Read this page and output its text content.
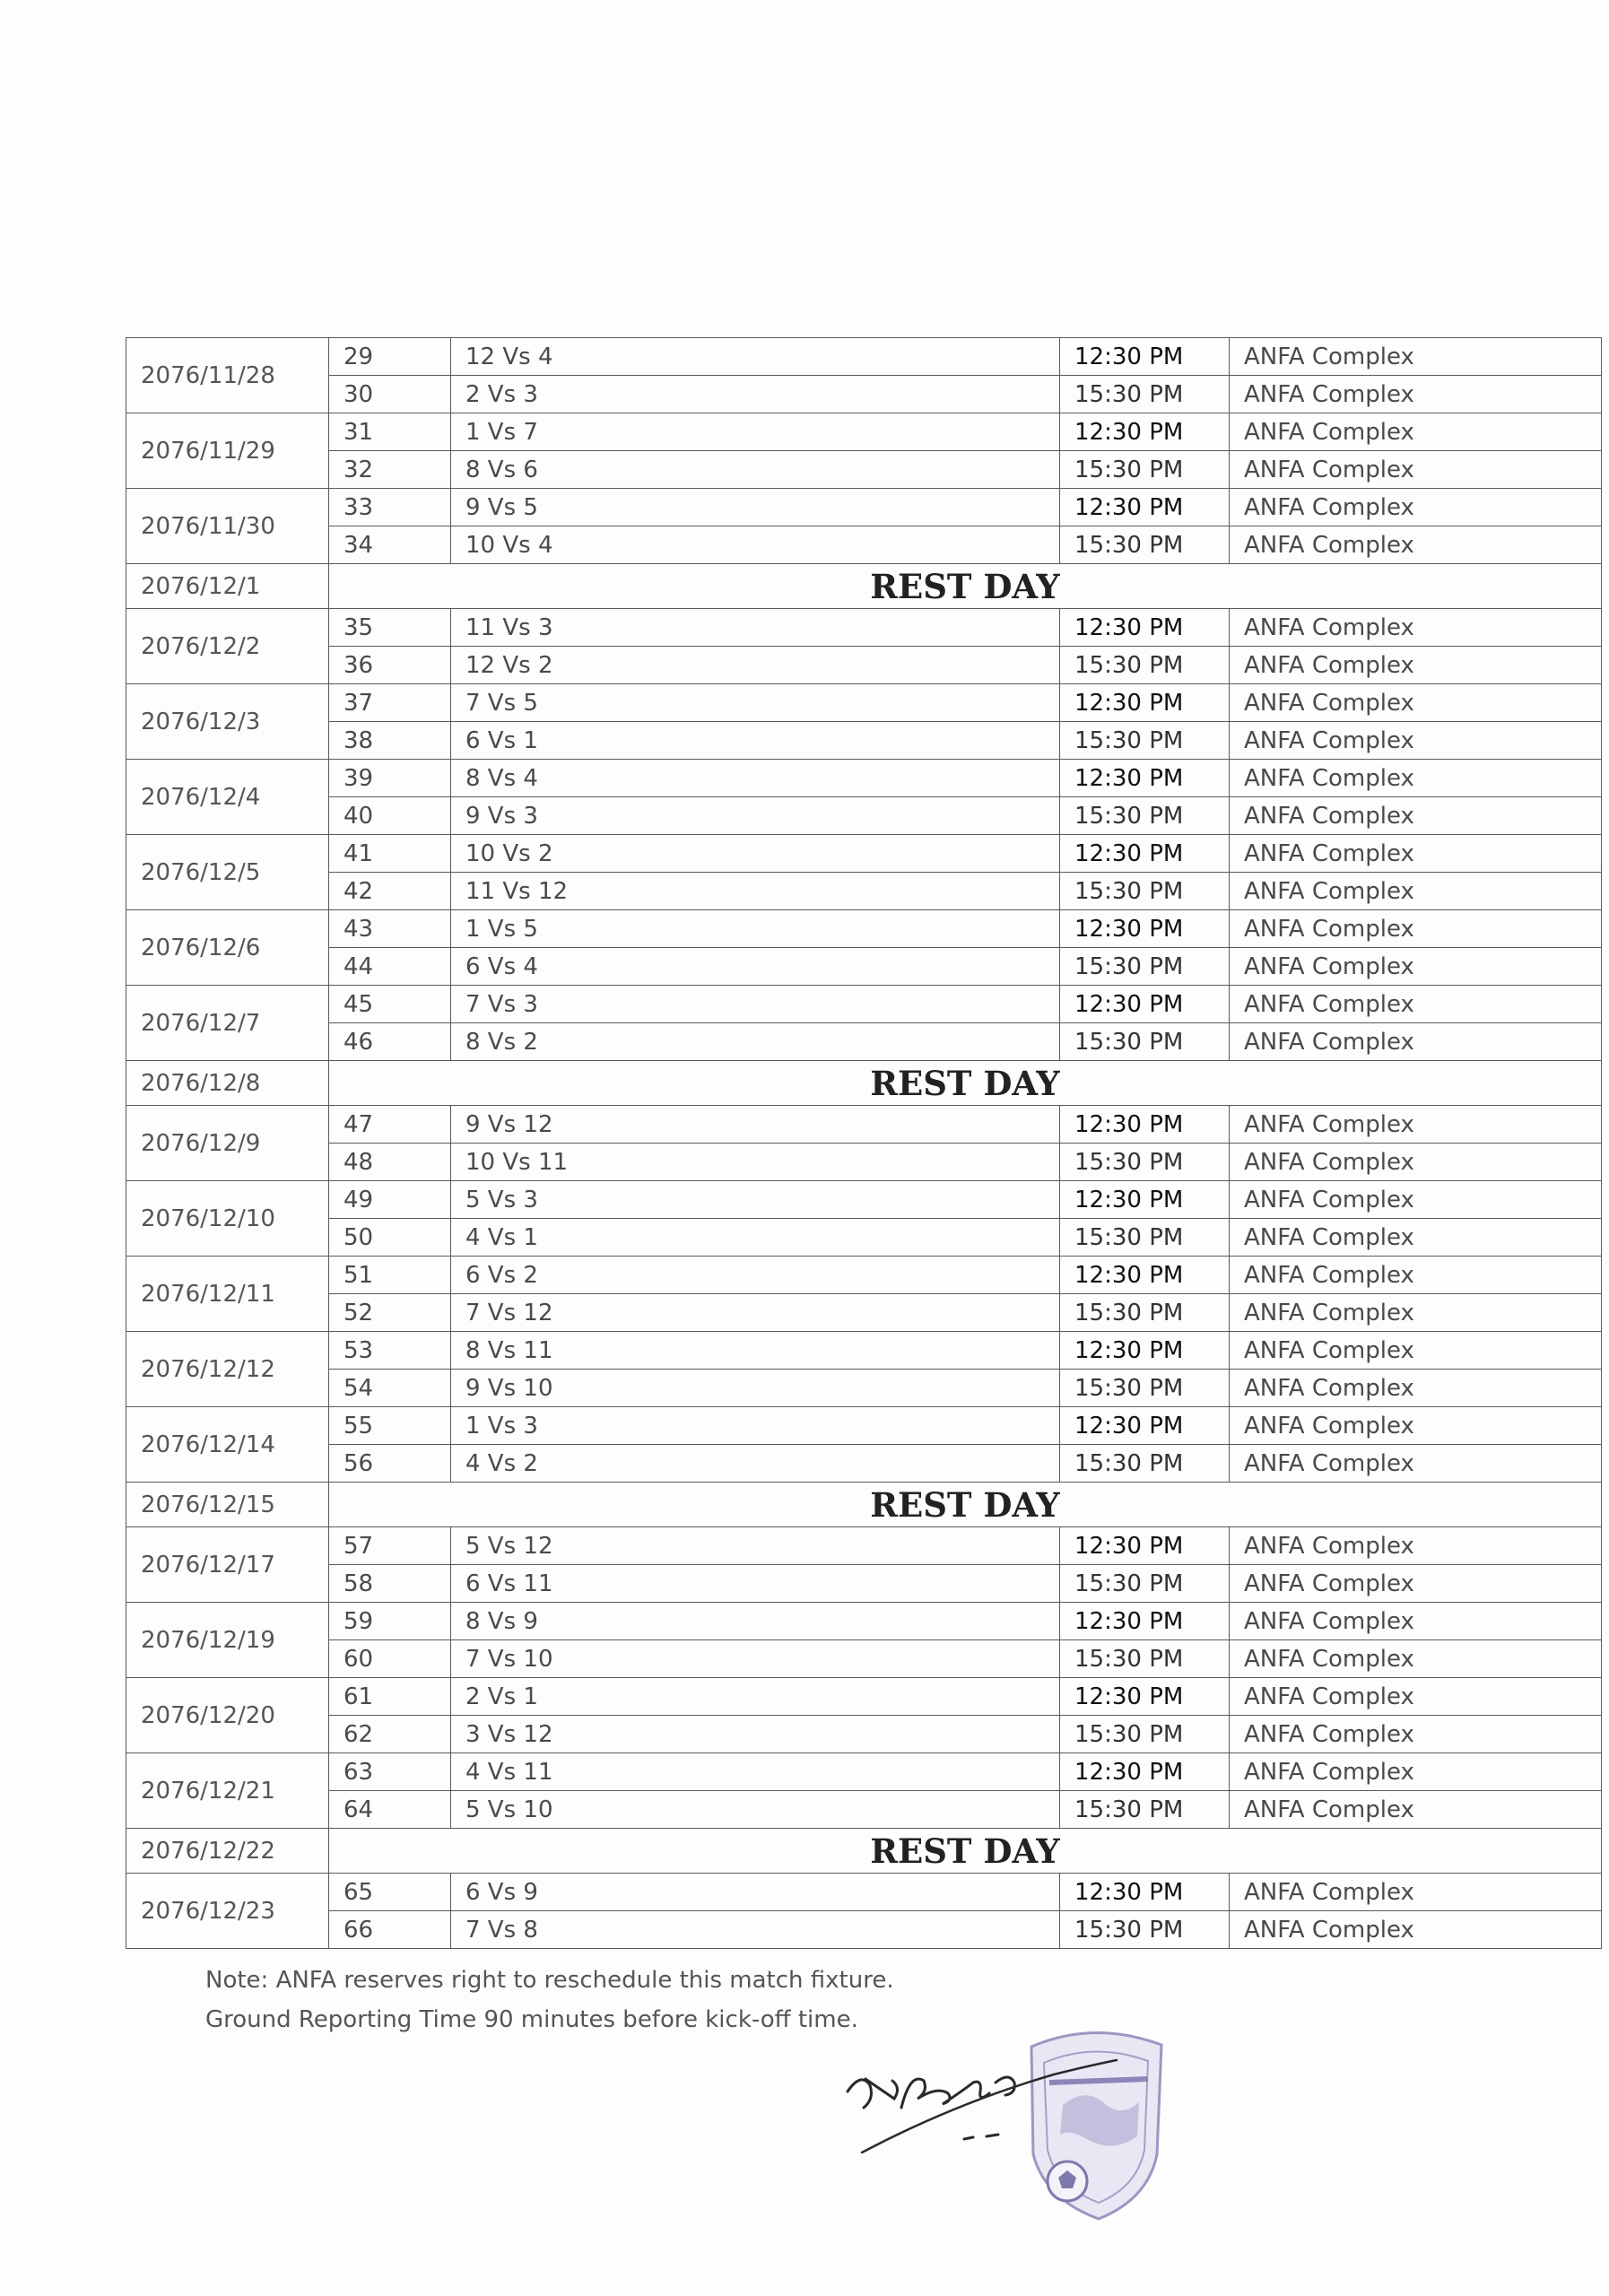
2076/11/28	29	12 Vs 4	12:30 PM	ANFA Complex
	30	2 Vs 3	15:30 PM	ANFA Complex
2076/11/29	31	1 Vs 7	12:30 PM	ANFA Complex
	32	8 Vs 6	15:30 PM	ANFA Complex
2076/11/30	33	9 Vs 5	12:30 PM	ANFA Complex
	34	10 Vs 4	15:30 PM	ANFA Complex
2076/12/1	REST DAY			
2076/12/2	35	11 Vs 3	12:30 PM	ANFA Complex
	36	12 Vs 2	15:30 PM	ANFA Complex
2076/12/3	37	7 Vs 5	12:30 PM	ANFA Complex
	38	6 Vs 1	15:30 PM	ANFA Complex
2076/12/4	39	8 Vs 4	12:30 PM	ANFA Complex
	40	9 Vs 3	15:30 PM	ANFA Complex
2076/12/5	41	10 Vs 2	12:30 PM	ANFA Complex
	42	11 Vs 12	15:30 PM	ANFA Complex
2076/12/6	43	1 Vs 5	12:30 PM	ANFA Complex
	44	6 Vs 4	15:30 PM	ANFA Complex
2076/12/7	45	7 Vs 3	12:30 PM	ANFA Complex
	46	8 Vs 2	15:30 PM	ANFA Complex
2076/12/8	REST DAY			
2076/12/9	47	9 Vs 12	12:30 PM	ANFA Complex
	48	10 Vs 11	15:30 PM	ANFA Complex
2076/12/10	49	5 Vs 3	12:30 PM	ANFA Complex
	50	4 Vs 1	15:30 PM	ANFA Complex
2076/12/11	51	6 Vs 2	12:30 PM	ANFA Complex
	52	7 Vs 12	15:30 PM	ANFA Complex
2076/12/12	53	8 Vs 11	12:30 PM	ANFA Complex
	54	9 Vs 10	15:30 PM	ANFA Complex
2076/12/14	55	1 Vs 3	12:30 PM	ANFA Complex
	56	4 Vs 2	15:30 PM	ANFA Complex
2076/12/15	REST DAY			
2076/12/17	57	5 Vs 12	12:30 PM	ANFA Complex
	58	6 Vs 11	15:30 PM	ANFA Complex
2076/12/19	59	8 Vs 9	12:30 PM	ANFA Complex
	60	7 Vs 10	15:30 PM	ANFA Complex
2076/12/20	61	2 Vs 1	12:30 PM	ANFA Complex
	62	3 Vs 12	15:30 PM	ANFA Complex
2076/12/21	63	4 Vs 11	12:30 PM	ANFA Complex
	64	5 Vs 10	15:30 PM	ANFA Complex
2076/12/22	REST DAY			
2076/12/23	65	6 Vs 9	12:30 PM	ANFA Complex
	66	7 Vs 8	15:30 PM	ANFA Complex

Note: ANFA reserves right to reschedule this match fixture.

Ground Reporting Time 90 minutes before kick-off time.
